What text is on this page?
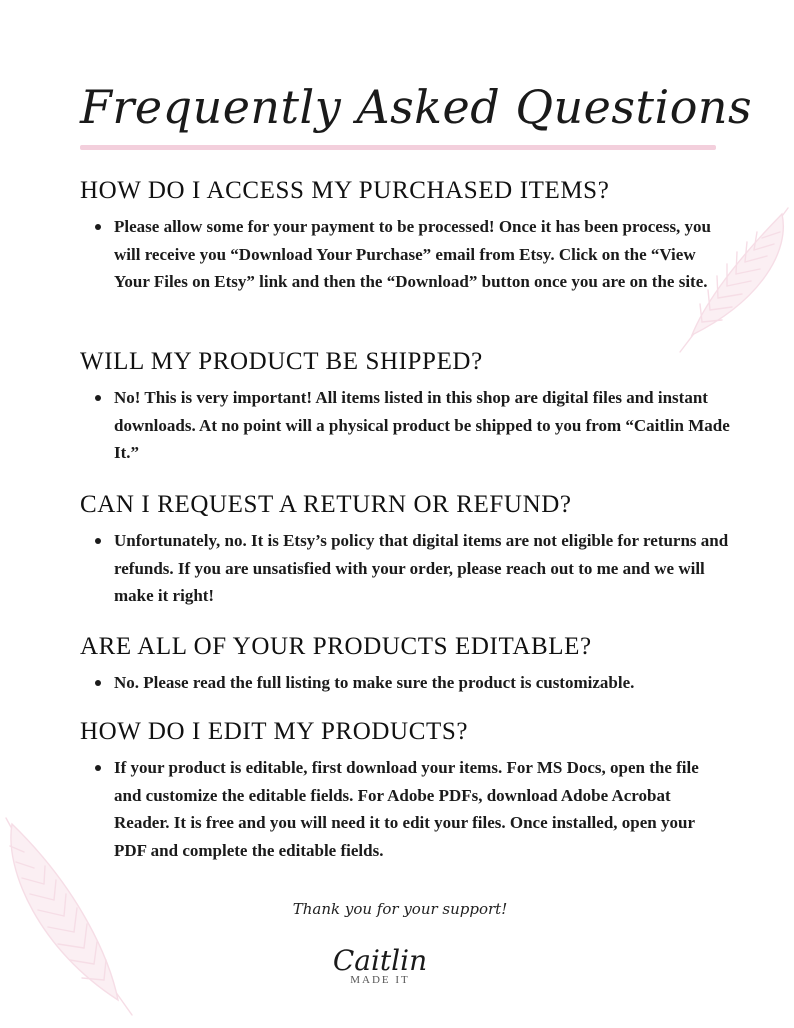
Frequently Asked Questions
HOW DO I ACCESS MY PURCHASED ITEMS?
Please allow some for your payment to be processed! Once it has been process, you will receive you “Download Your Purchase” email from Etsy. Click on the “View Your Files on Etsy” link and then the “Download” button once you are on the site.
WILL MY PRODUCT BE SHIPPED?
No! This is very important! All items listed in this shop are digital files and instant downloads. At no point will a physical product be shipped to you from “Caitlin Made It.”
CAN I REQUEST A RETURN OR REFUND?
Unfortunately, no. It is Etsy’s policy that digital items are not eligible for returns and refunds. If you are unsatisfied with your order, please reach out to me and we will make it right!
ARE ALL OF YOUR PRODUCTS EDITABLE?
No. Please read the full listing to make sure the product is customizable.
HOW DO I EDIT MY PRODUCTS?
If your product is editable, first download your items. For MS Docs, open the file and customize the editable fields. For Adobe PDFs, download Adobe Acrobat Reader. It is free and you will need it to edit your files. Once installed, open your PDF and complete the editable fields.
Thank you for your support!
Caitlin
MADE IT
